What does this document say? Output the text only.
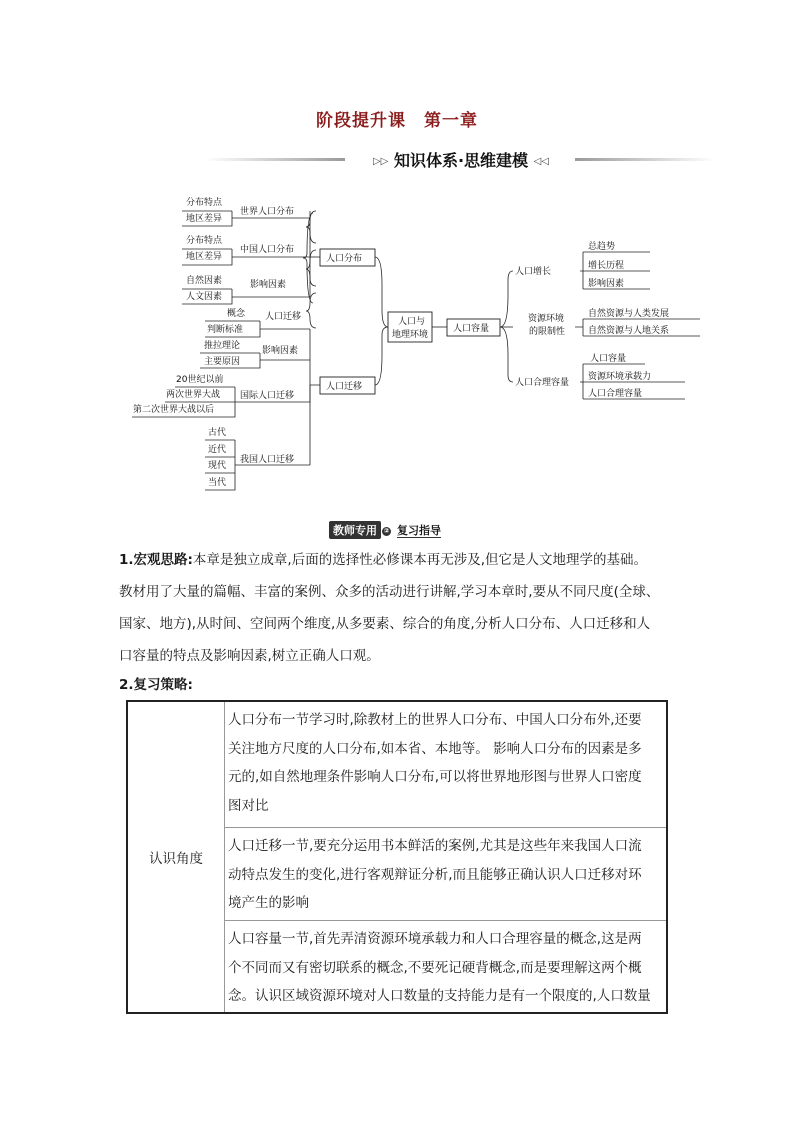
阶段提升课 第一章
▷▷ 知识体系·思维建模 ◁◁
分布特点
地区差异
世界人口分布
分布特点
地区差异
中国人口分布
自然因素
人文因素
影响因素
概念
判断标准
人口迁移
推拉理论
主要原因
影响因素
20世纪以前
两次世界大战
第二次世界大战以后
国际人口迁移
古代
近代
现代
当代
我国人口迁移
人口分布
人口迁移
人口与
地理环境
人口容量
人口增长
总趋势
增长历程
影响因素
资源环境
的限制性
自然资源与人类发展
自然资源与人地关系
人口合理容量
人口容量
资源环境承载力
人口合理容量
教师专用 ② 复习指导
1.宏观思路:本章是独立成章,后面的选择性必修课本再无涉及,但它是人文地理学的基础。
教材用了大量的篇幅、丰富的案例、众多的活动进行讲解,学习本章时,要从不同尺度(全球、
国家、地方),从时间、空间两个维度,从多要素、综合的角度,分析人口分布、人口迁移和人
口容量的特点及影响因素,树立正确人口观。
2.复习策略:
认识角度
人口分布一节学习时,除教材上的世界人口分布、中国人口分布外,还要
关注地方尺度的人口分布,如本省、本地等。 影响人口分布的因素是多
元的,如自然地理条件影响人口分布,可以将世界地形图与世界人口密度
图对比
人口迁移一节,要充分运用书本鲜活的案例,尤其是这些年来我国人口流
动特点发生的变化,进行客观辩证分析,而且能够正确认识人口迁移对环
境产生的影响
人口容量一节,首先弄清资源环境承载力和人口合理容量的概念,这是两
个不同而又有密切联系的概念,不要死记硬背概念,而是要理解这两个概
念。认识区域资源环境对人口数量的支持能力是有一个限度的,人口数量
